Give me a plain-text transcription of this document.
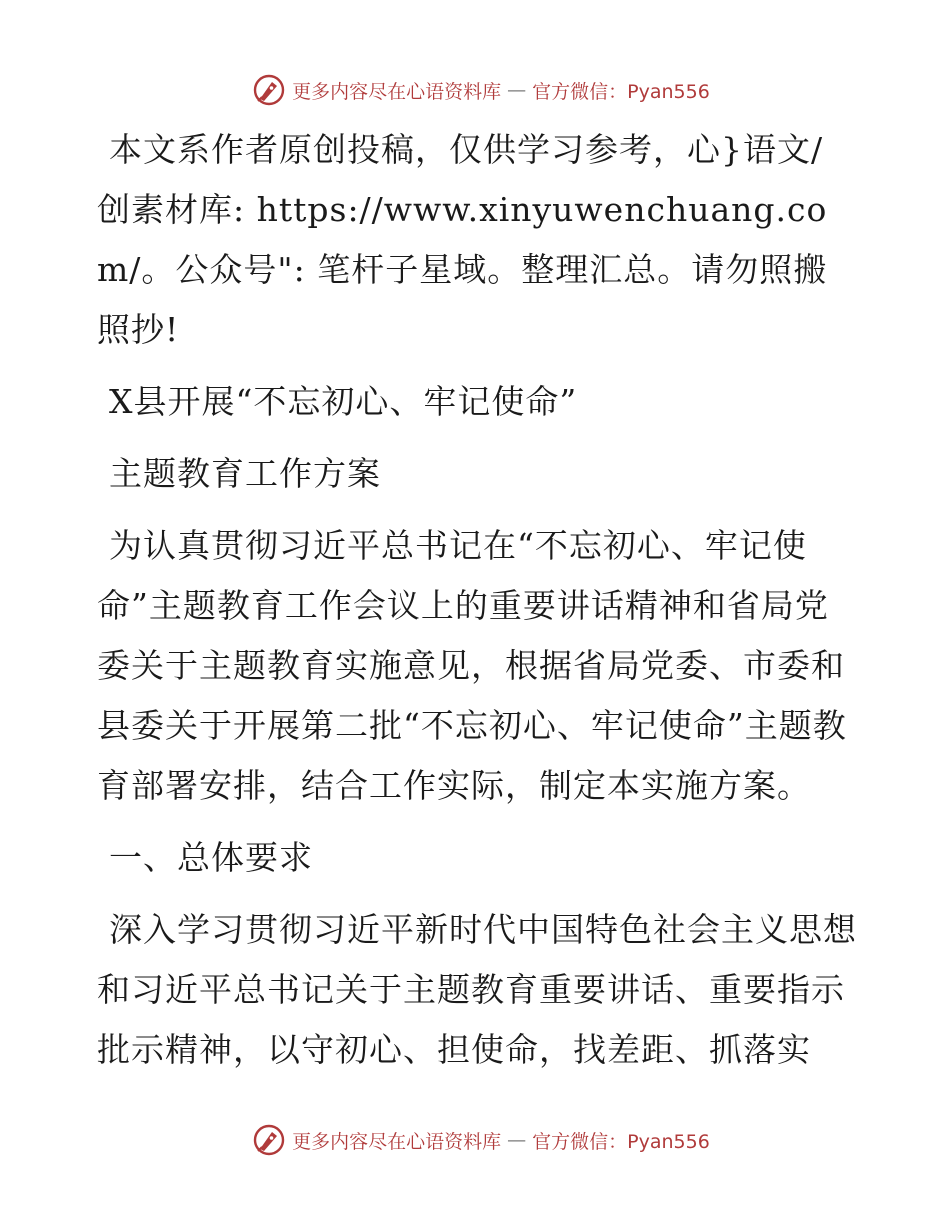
更多内容尽在心语资料库 — 官方微信：Pyan556

本文系作者原创投稿，仅供学习参考，心}语文/创素材库: https://www.xinyuwenchuang.com/。公众号": 笔杆子星域。整理汇总。请勿照搬照抄!

X县开展“不忘初心、牢记使命”

主题教育工作方案

为认真贯彻习近平总书记在“不忘初心、牢记使命”主题教育工作会议上的重要讲话精神和省局党委关于主题教育实施意见，根据省局党委、市委和县委关于开展第二批“不忘初心、牢记使命”主题教育部署安排，结合工作实际，制定本实施方案。

一、总体要求

深入学习贯彻习近平新时代中国特色社会主义思想和习近平总书记关于主题教育重要讲话、重要指示批示精神，以守初心、担使命，找差距、抓落实

更多内容尽在心语资料库 — 官方微信：Pyan556
